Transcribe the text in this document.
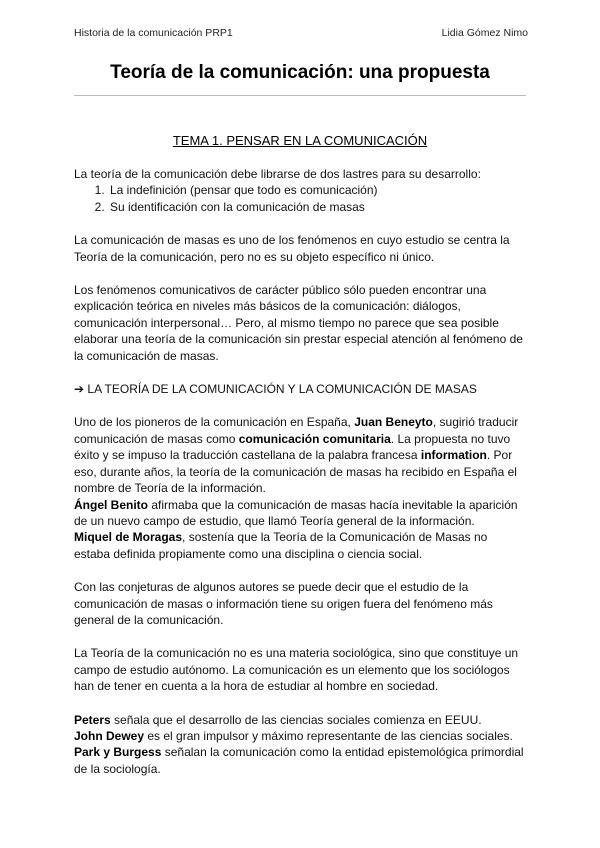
Historia de la comunicación PRP1	Lidia Gómez Nimo
Teoría de la comunicación: una propuesta
TEMA 1. PENSAR EN LA COMUNICACIÓN

La teoría de la comunicación debe librarse de dos lastres para su desarrollo:

1. La indefinición (pensar que todo es comunicación)
2. Su identificación con la comunicación de masas

La comunicación de masas es uno de los fenómenos en cuyo estudio se centra la Teoría de la comunicación, pero no es su objeto específico ni único.

Los fenómenos comunicativos de carácter público sólo pueden encontrar una explicación teórica en niveles más básicos de la comunicación: diálogos, comunicación interpersonal… Pero, al mismo tiempo no parece que sea posible elaborar una teoría de la comunicación sin prestar especial atención al fenómeno de la comunicación de masas.

➔ LA TEORÍA DE LA COMUNICACIÓN Y LA COMUNICACIÓN DE MASAS

Uno de los pioneros de la comunicación en España, Juan Beneyto, sugirió traducir comunicación de masas como comunicación comunitaria. La propuesta no tuvo éxito y se impuso la traducción castellana de la palabra francesa information. Por eso, durante años, la teoría de la comunicación de masas ha recibido en España el nombre de Teoría de la información.

Ángel Benito afirmaba que la comunicación de masas hacía inevitable la aparición de un nuevo campo de estudio, que llamó Teoría general de la información.

Miquel de Moragas, sostenía que la Teoría de la Comunicación de Masas no estaba definida propiamente como una disciplina o ciencia social.

Con las conjeturas de algunos autores se puede decir que el estudio de la comunicación de masas o información tiene su origen fuera del fenómeno más general de la comunicación.

La Teoría de la comunicación no es una materia sociológica, sino que constituye un campo de estudio autónomo. La comunicación es un elemento que los sociólogos han de tener en cuenta a la hora de estudiar al hombre en sociedad.

Peters señala que el desarrollo de las ciencias sociales comienza en EEUU.

John Dewey es el gran impulsor y máximo representante de las ciencias sociales.

Park y Burgess señalan la comunicación como la entidad epistemológica primordial de la sociología.
